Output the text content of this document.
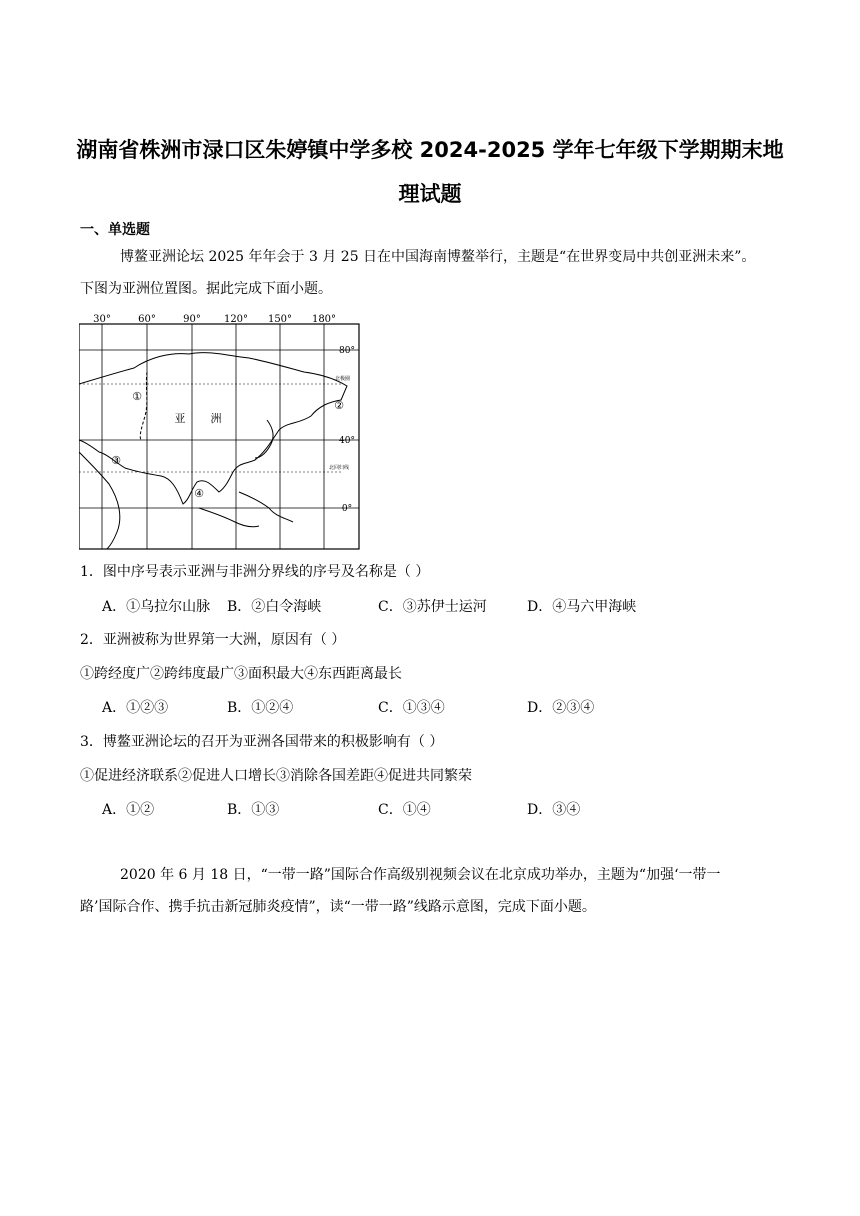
湖南省株洲市渌口区朱婷镇中学多校 2024-2025 学年七年级下学期期末地
理试题
一、单选题
博鳌亚洲论坛 2025 年年会于 3 月 25 日在中国海南博鳌举行，主题是“在世界变局中共创亚洲未来”。
下图为亚洲位置图。据此完成下面小题。
30°	60°	90° 120° 150° 180°
80°
40°
0°
北极圈
北回归线
①
②
③
④
亚 洲
1．图中序号表示亚洲与非洲分界线的序号及名称是（ ）
A．①乌拉尔山脉 B．②白令海峡	C．③苏伊士运河	D．④马六甲海峡
2．亚洲被称为世界第一大洲，原因有（ ）
①跨经度广②跨纬度最广③面积最大④东西距离最长
A．①②③	B．①②④	C．①③④	D．②③④
3．博鳌亚洲论坛的召开为亚洲各国带来的积极影响有（ ）
①促进经济联系②促进人口增长③消除各国差距④促进共同繁荣
A．①②	B．①③	C．①④	D．③④
2020 年 6 月 18 日，“一带一路”国际合作高级别视频会议在北京成功举办，主题为“加强‘一带一
路’国际合作、携手抗击新冠肺炎疫情”，读“一带一路”线路示意图，完成下面小题。
